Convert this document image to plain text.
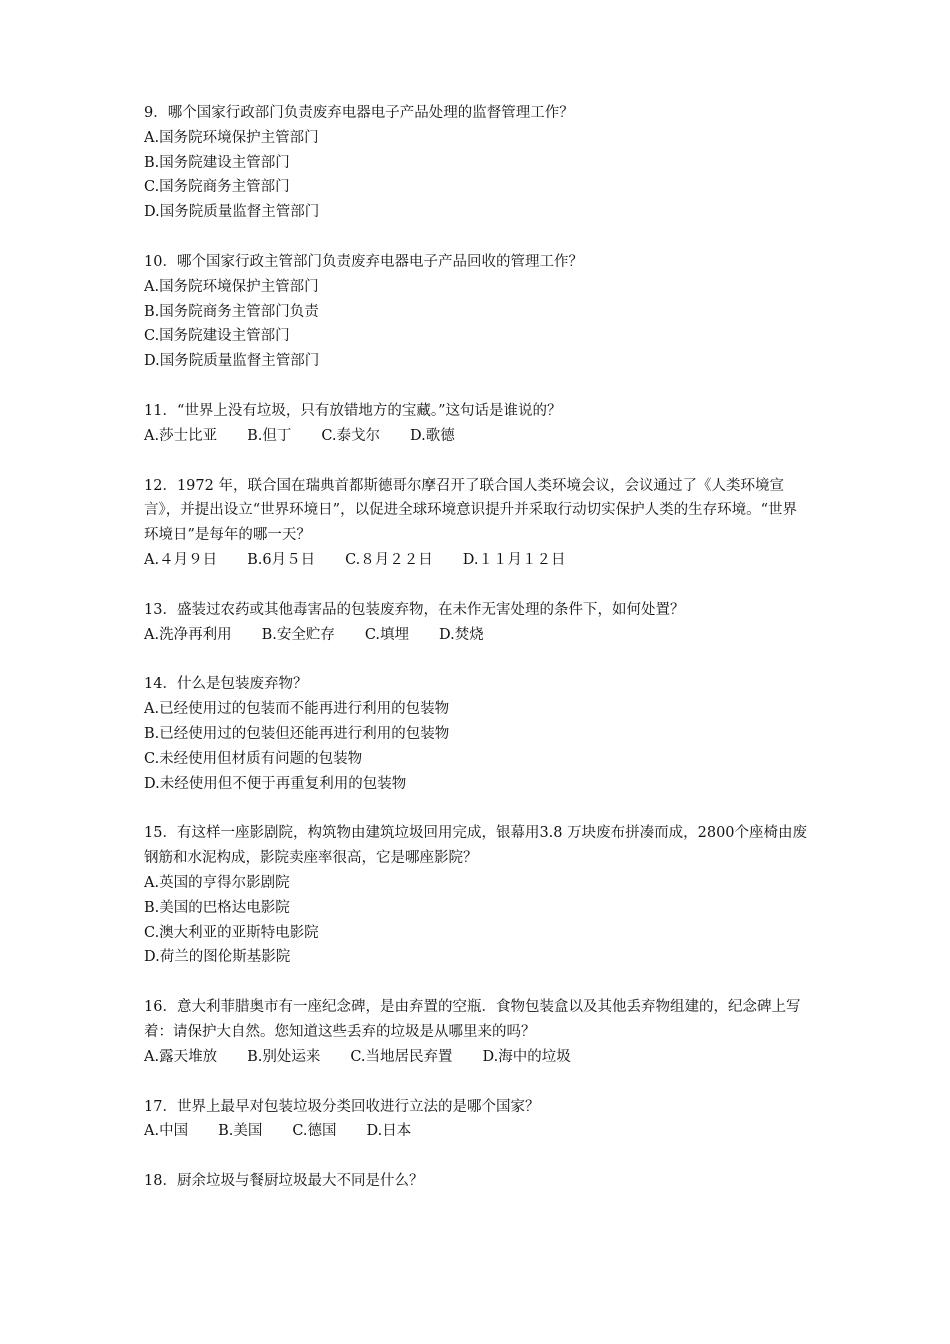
9．哪个国家行政部门负责废弃电器电子产品处理的监督管理工作？
A.国务院环境保护主管部门
B.国务院建设主管部门
C.国务院商务主管部门
D.国务院质量监督主管部门
10．哪个国家行政主管部门负责废弃电器电子产品回收的管理工作？
A.国务院环境保护主管部门
B.国务院商务主管部门负责
C.国务院建设主管部门
D.国务院质量监督主管部门
11．“世界上没有垃圾，只有放错地方的宝藏。”这句话是谁说的？
A.莎士比亚 B.但丁 C.泰戈尔 D.歌德
12．1972 年，联合国在瑞典首都斯德哥尔摩召开了联合国人类环境会议，会议通过了《人类环境宣言》，并提出设立“世界环境日”，以促进全球环境意识提升并采取行动切实保护人类的生存环境。“世界环境日”是每年的哪一天？
A.４月９日 B.6月５日 C.８月２２日 D.１１月１２日
13．盛装过农药或其他毒害品的包装废弃物，在未作无害处理的条件下，如何处置？
A.洗净再利用 B.安全贮存 C.填埋 D.焚烧
14．什么是包装废弃物？
A.已经使用过的包装而不能再进行利用的包装物
B.已经使用过的包装但还能再进行利用的包装物
C.未经使用但材质有问题的包装物
D.未经使用但不便于再重复利用的包装物
15．有这样一座影剧院，构筑物由建筑垃圾回用完成，银幕用3.8 万块废布拼凑而成，2800个座椅由废钢筋和水泥构成，影院卖座率很高，它是哪座影院？
A.英国的亨得尔影剧院
B.美国的巴格达电影院
C.澳大利亚的亚斯特电影院
D.荷兰的图伦斯基影院
16．意大利菲腊奥市有一座纪念碑，是由弃置的空瓶．食物包装盒以及其他丢弃物组建的，纪念碑上写着：请保护大自然。您知道这些丢弃的垃圾是从哪里来的吗？
A.露天堆放 B.别处运来 C.当地居民弃置 D.海中的垃圾
17．世界上最早对包装垃圾分类回收进行立法的是哪个国家？
A.中国 B.美国 C.德国 D.日本
18．厨余垃圾与餐厨垃圾最大不同是什么？
